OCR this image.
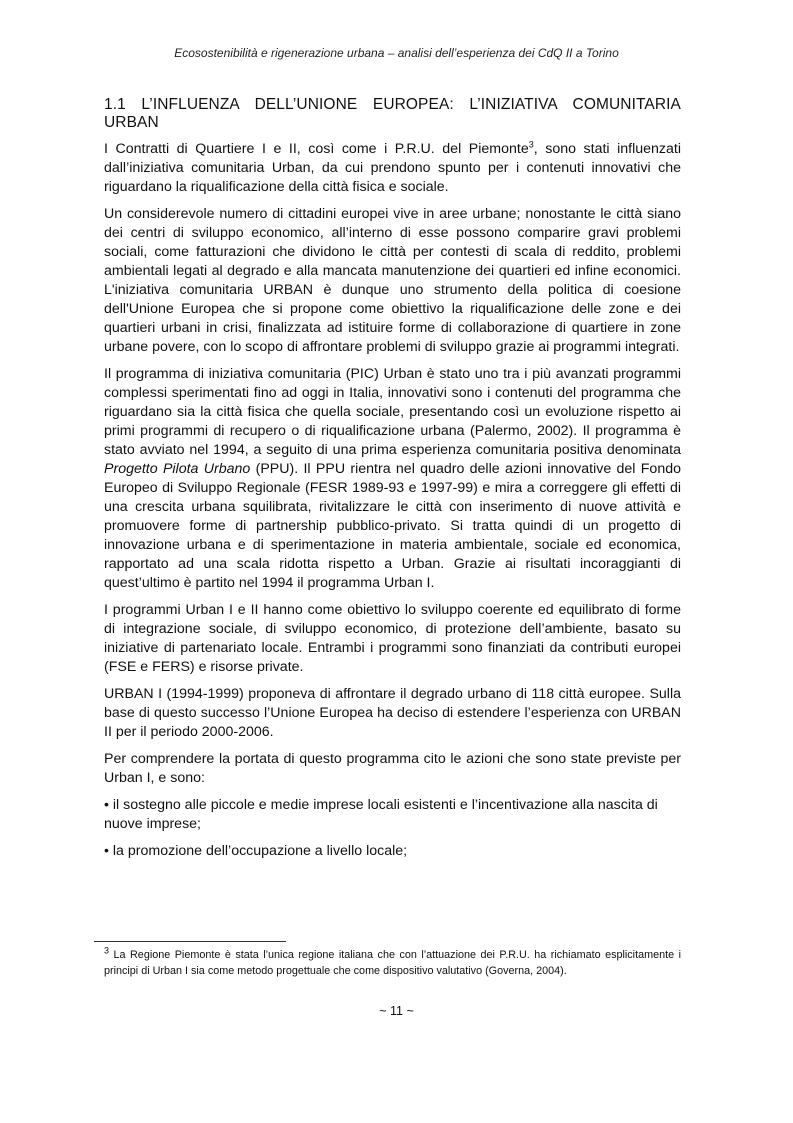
Ecosostenibilità e rigenerazione urbana – analisi dell’esperienza dei CdQ II a Torino
1.1 L’INFLUENZA DELL’UNIONE EUROPEA: L’INIZIATIVA COMUNITARIA URBAN

I Contratti di Quartiere I e II, così come i P.R.U. del Piemonte$^3$, sono stati influenzati dall’iniziativa comunitaria Urban, da cui prendono spunto per i contenuti innovativi che riguardano la riqualificazione della città fisica e sociale.

Un considerevole numero di cittadini europei vive in aree urbane; nonostante le città siano dei centri di sviluppo economico, all’interno di esse possono comparire gravi problemi sociali, come fatturazioni che dividono le città per contesti di scala di reddito, problemi ambientali legati al degrado e alla mancata manutenzione dei quartieri ed infine economici. L'iniziativa comunitaria URBAN è dunque uno strumento della politica di coesione dell'Unione Europea che si propone come obiettivo la riqualificazione delle zone e dei quartieri urbani in crisi, finalizzata ad istituire forme di collaborazione di quartiere in zone urbane povere, con lo scopo di affrontare problemi di sviluppo grazie ai programmi integrati.

Il programma di iniziativa comunitaria (PIC) Urban è stato uno tra i più avanzati programmi complessi sperimentati fino ad oggi in Italia, innovativi sono i contenuti del programma che riguardano sia la città fisica che quella sociale, presentando così un evoluzione rispetto ai primi programmi di recupero o di riqualificazione urbana (Palermo, 2002). Il programma è stato avviato nel 1994, a seguito di una prima esperienza comunitaria positiva denominata Progetto Pilota Urbano (PPU). Il PPU rientra nel quadro delle azioni innovative del Fondo Europeo di Sviluppo Regionale (FESR 1989-93 e 1997-99) e mira a correggere gli effetti di una crescita urbana squilibrata, rivitalizzare le città con inserimento di nuove attività e promuovere forme di partnership pubblico-privato. Si tratta quindi di un progetto di innovazione urbana e di sperimentazione in materia ambientale, sociale ed economica, rapportato ad una scala ridotta rispetto a Urban. Grazie ai risultati incoraggianti di quest’ultimo è partito nel 1994 il programma Urban I.

I programmi Urban I e II hanno come obiettivo lo sviluppo coerente ed equilibrato di forme di integrazione sociale, di sviluppo economico, di protezione dell’ambiente, basato su iniziative di partenariato locale. Entrambi i programmi sono finanziati da contributi europei (FSE e FERS) e risorse private.

URBAN I (1994-1999) proponeva di affrontare il degrado urbano di 118 città europee. Sulla base di questo successo l’Unione Europea ha deciso di estendere l’esperienza con URBAN II per il periodo 2000-2006.

Per comprendere la portata di questo programma cito le azioni che sono state previste per Urban I, e sono:

• il sostegno alle piccole e medie imprese locali esistenti e l’incentivazione alla nascita di nuove imprese;

• la promozione dell’occupazione a livello locale;

$^3$ La Regione Piemonte è stata l’unica regione italiana che con l’attuazione dei P.R.U. ha richiamato esplicitamente i principi di Urban I sia come metodo progettuale che come dispositivo valutativo (Governa, 2004).
~ 11 ~
